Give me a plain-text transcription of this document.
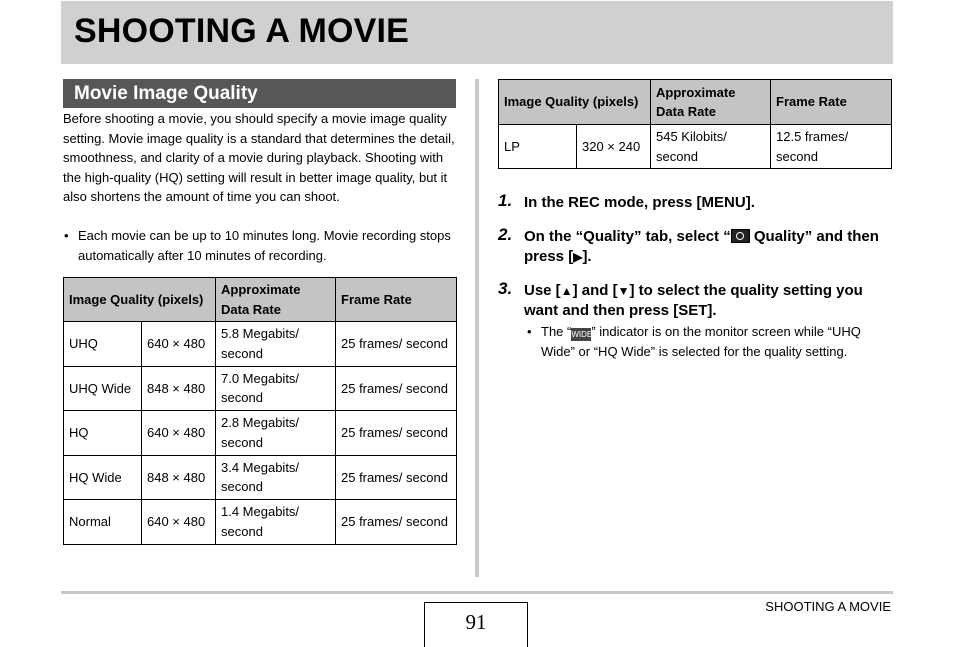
SHOOTING A MOVIE
Movie Image Quality

Before shooting a movie, you should specify a movie image quality setting. Movie image quality is a standard that determines the detail, smoothness, and clarity of a movie during playback. Shooting with the high-quality (HQ) setting will result in better image quality, but it also shortens the amount of time you can shoot.

• Each movie can be up to 10 minutes long. Movie recording stops automatically after 10 minutes of recording.
Image Quality (pixels)		Approximate Data Rate	Frame Rate
UHQ	640 × 480	5.8 Megabits/ second	25 frames/ second
UHQ Wide	848 × 480	7.0 Megabits/ second	25 frames/ second
HQ	640 × 480	2.8 Megabits/ second	25 frames/ second
HQ Wide	848 × 480	3.4 Megabits/ second	25 frames/ second
Normal	640 × 480	1.4 Megabits/ second	25 frames/ second
Image Quality (pixels)		Approximate Data Rate	Frame Rate
LP	320 × 240	545 Kilobits/ second	12.5 frames/ second
1. In the REC mode, press [MENU].
2. On the “Quality” tab, select “ Quality” and then press [▶].
3. Use [▲] and [▼] to select the quality setting you want and then press [SET].
• The “WIDE” indicator is on the monitor screen while “UHQ Wide” or “HQ Wide” is selected for the quality setting.
91
SHOOTING A MOVIE
